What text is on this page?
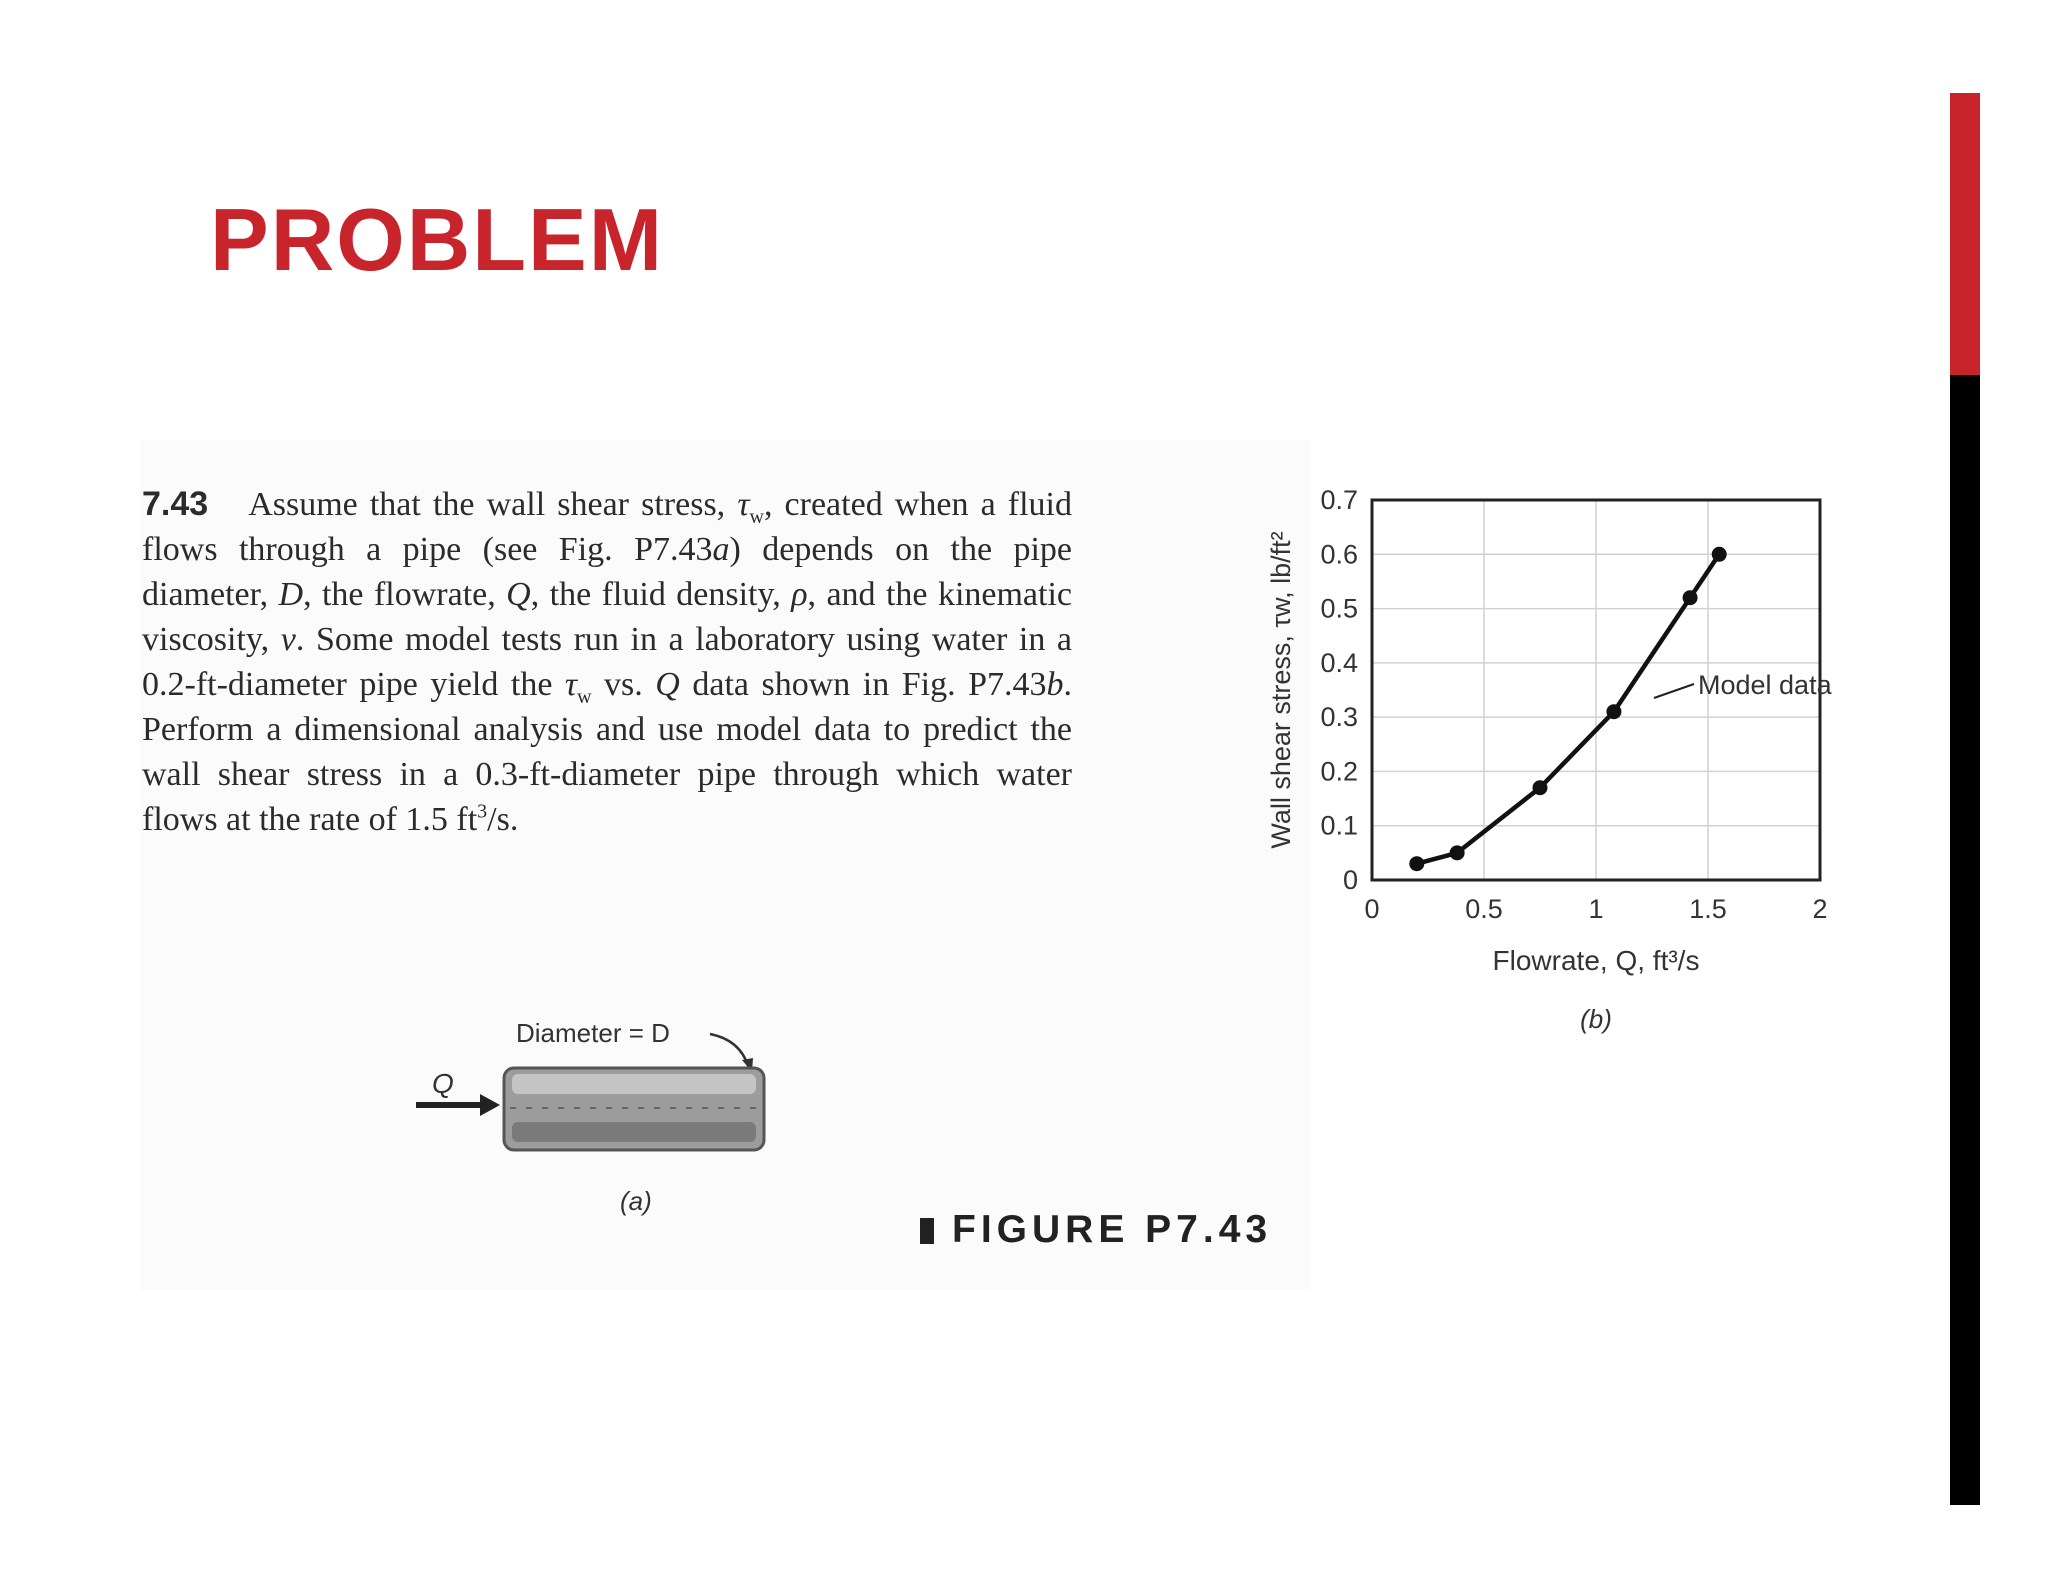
PROBLEM

7.43 Assume that the wall shear stress, $\tau_w$, created when a fluid flows through a pipe (see Fig. P7.43a) depends on the pipe diameter, D, the flowrate, Q, the fluid density, ρ, and the kinematic viscosity, ν. Some model tests run in a laboratory using water in a 0.2-ft-diameter pipe yield the $\tau_w$ vs. Q data shown in Fig. P7.43b. Perform a dimensional analysis and use model data to predict the wall shear stress in a 0.3-ft-diameter pipe through which water flows at the rate of 1.5 $ft^3/s$.

Q
Diameter = D
(a)
0	0.5	1	1.5	2
0
0.1
0.2
0.3
0.4
0.5
0.6
0.7
Flowrate, Q, ft³/s
Wall shear stress, τw, lb/ft²	Model data
(b)

FIGURE P7.43
